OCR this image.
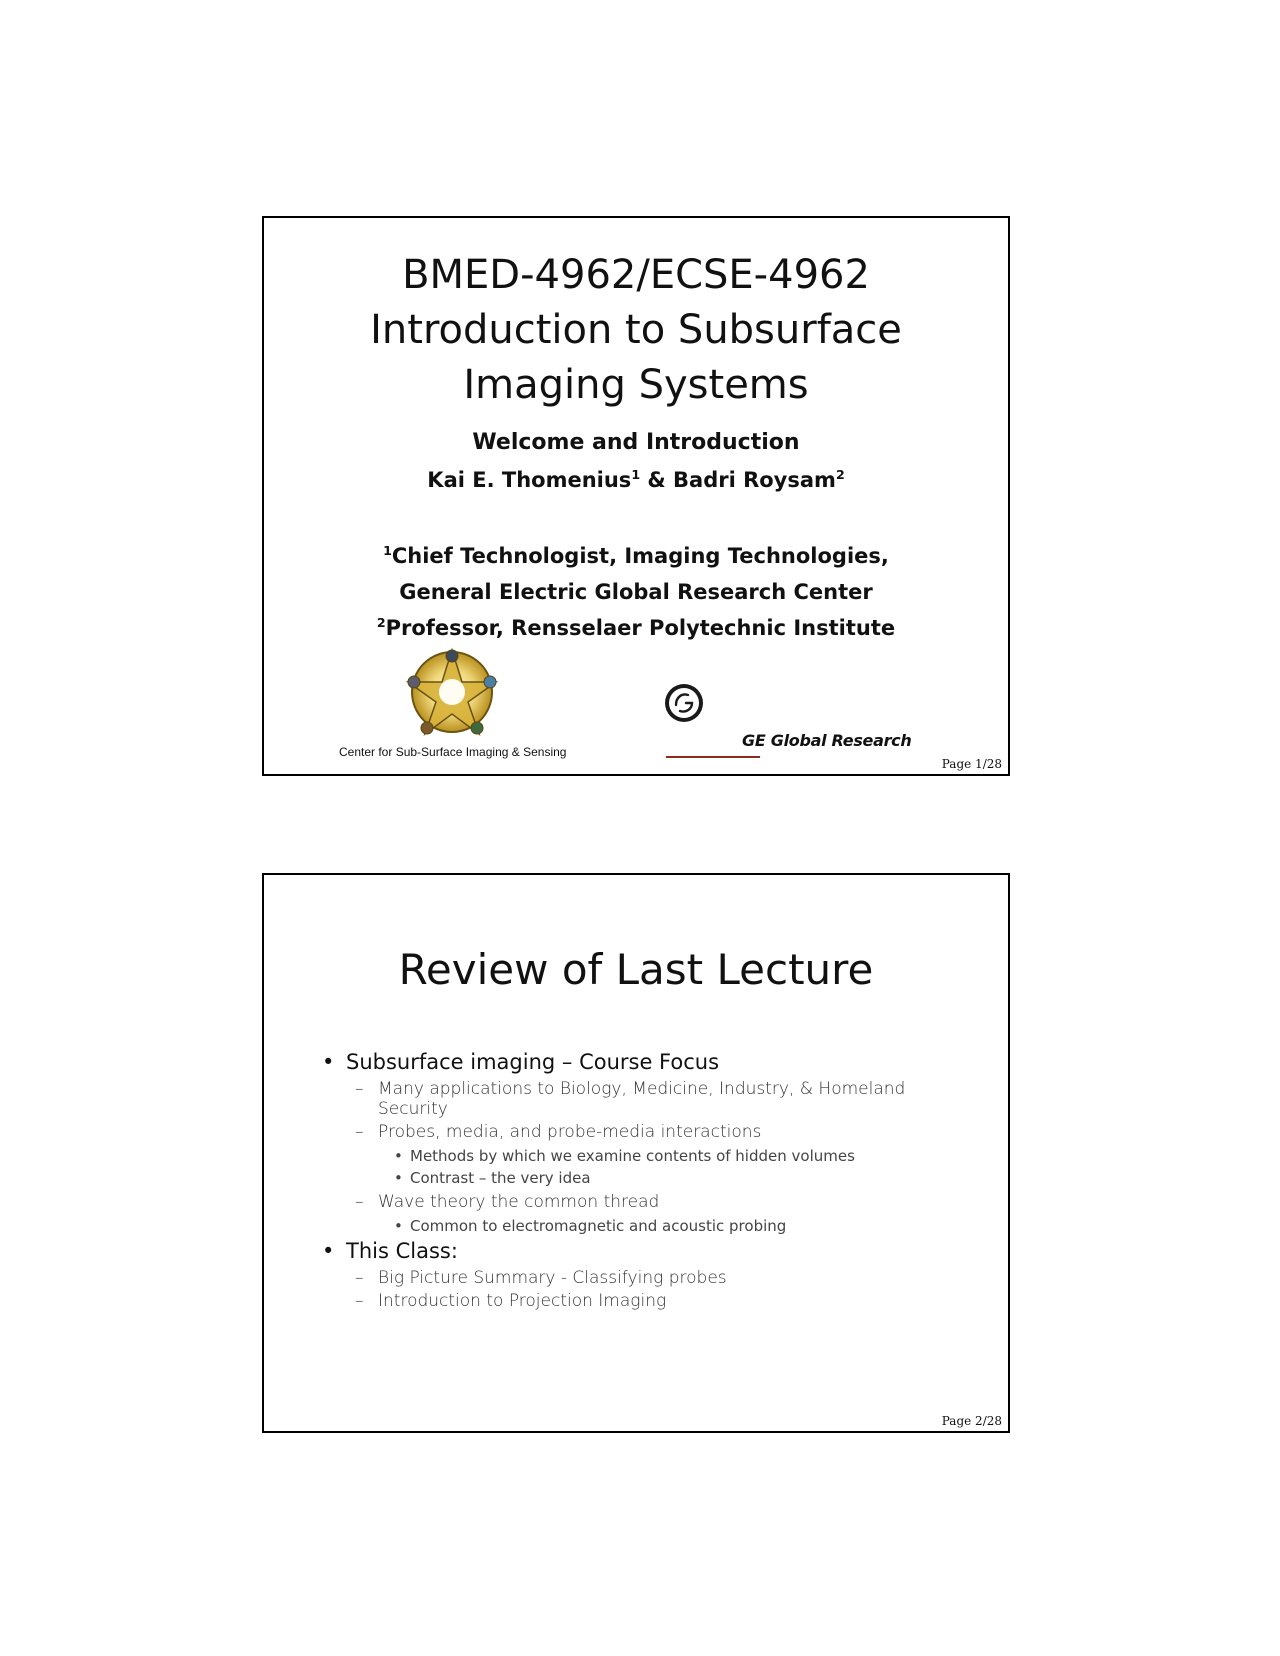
BMED-4962/ECSE-4962
Introduction to Subsurface
Imaging Systems
Welcome and Introduction
Kai E. Thomenius$^1$ & Badri Roysam$^2$
$^1$Chief Technologist, Imaging Technologies,
General Electric Global Research Center
$^2$Professor, Rensselaer Polytechnic Institute
GE Global Research
Center for Sub-Surface Imaging & Sensing
Page 1/28
Review of Last Lecture
• Subsurface imaging – Course Focus
– Many applications to Biology, Medicine, Industry, & Homeland Security
– Probes, media, and probe-media interactions
• Methods by which we examine contents of hidden volumes
• Contrast – the very idea
– Wave theory the common thread
• Common to electromagnetic and acoustic probing
• This Class:
– Big Picture Summary - Classifying probes
– Introduction to Projection Imaging
Page 2/28
